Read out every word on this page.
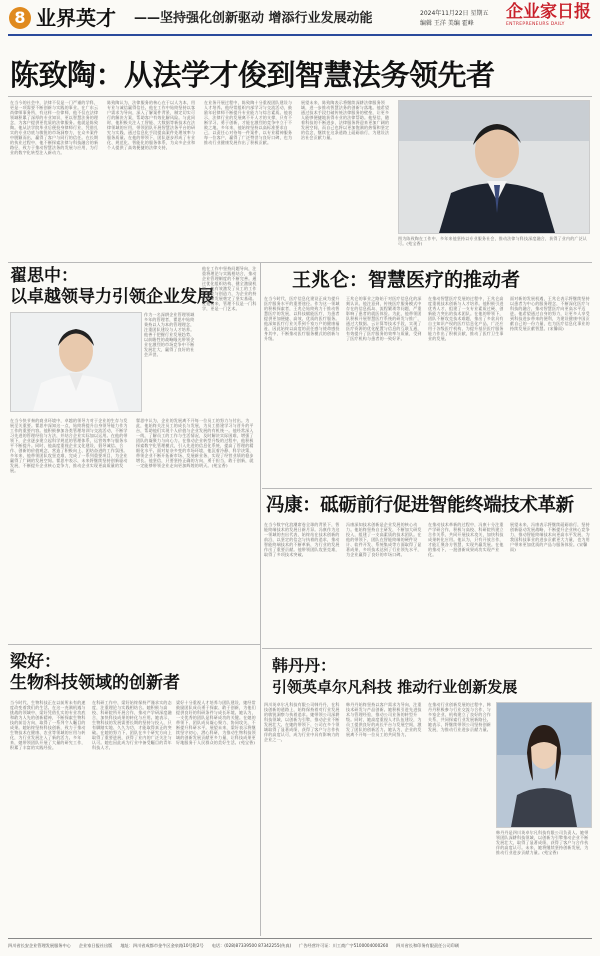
8 业界英才 ——坚持强化创新驱动 增添行业发展动能	2024年11月22日 星期五
编辑 王洋 美编 霍峰
企业家日报
ENTREPRENEURS DAILY
陈致陶：从法学才俊到智慧法务领先者
在当今的社会中，法律不仅是一门严谨的学科，更是一项需要不断创新与实践的事业。在广东云尚律师事务所，有这样一位律师，他不仅在法律领域积累了深厚的专业知识，更以智慧法务的理念，为客户提供更优质的法律服务。他就是陈致陶。他从法学院毕业后便投身律师行业，凭借扎实的专业功底与敏锐的市场洞察力，在众多案件中脱颖而出，赢得了客户与同行的信任。在长期的执业过程中，他不断探索法律与科技融合的新路径，致力于推动智慧法务的发展与应用，为行业的数字化转型注入新动力。
陈致陶认为，法律服务的核心在于以人为本，用专业与诚信赢得信任。他在工作中始终坚持以客户需求为导向，深入了解案件背景，制定切实可行的解决方案，帮助客户有效化解风险。与此同时，他积极关注人工智能、大数据等新技术在法律领域的应用，带领团队开展智慧法务平台的研究与实践，通过信息化手段提高案件处理效率与服务质量。在他的带领下，团队逐步形成了专业化、规范化、智能化的服务体系，为众多企业和个人提供了高效便捷的法律支持。
在业务开展过程中，陈致陶十分重视团队建设与人才培养。他经常组织内部学习与交流活动，鼓励年轻律师不断提升专业能力与综合素质。他表示，法律行业的发展离不开人才的支撑，只有不断学习、勇于创新，才能在激烈的竞争中立于不败之地。多年来，他始终坚持以高标准要求自己，以责任心对待每一件案件，以专业精神服务每一位客户，赢得了广泛赞誉与良好口碑，也为推动行业健康发展作出了积极贡献。
展望未来，陈致陶表示将继续深耕法律服务领域，进一步推动智慧法务的创新与落地。他希望通过技术手段打破传统法律服务的壁垒，让更多人能够便捷地获得专业的法律帮助。他坚信，随着科技的不断进步，法律服务将迎来更加广阔的发展空间，而自己也将以更加饱满的热情和坚定的信念，继续在这条道路上砥砺前行，为建设法治社会贡献力量。
图为陈致陶在工作中，多年来他坚持以专业服务社会，推动法律与科技深度融合，获得了业内的广泛认可。(苑宝香)
翟思中：
以卓越领导力引领企业发展
作为一名深耕企业管理领域多年的管理者，翟思中始终秉持以人为本的管理理念，注重团队建设与人才培养。他善于把握行业发展趋势，以前瞻性的战略眼光带领企业在激烈的市场竞争中不断发展壮大，赢得了良好的社会声誉。
他在工作中坚持问题导向，注重将理论与实践相结合，推动企业管理制度的不断完善。通过优化组织结构、健全激励机制，他有效激发了员工的工作积极性与创造力，为企业的持续健康发展奠定了坚实基础。在他看来，管理不仅是一门科学，更是一门艺术。
在当今快节奏的商业环境中，卓越的领导力对于企业的生存与发展至关重要。翟思中深知这一点，始终将提升自身领导能力作为工作的重要内容。他积极参加各类管理培训与交流活动，不断学习先进的管理经验与方法，并结合企业实际加以运用。在他的带领下，企业逐步建立起科学规范的管理体系，运营效率与服务水平不断提升。同时，他高度重视企业文化建设，倡导诚信、合作、创新的价值观念，营造了积极向上、团结奋进的工作氛围。多年来，他带领团队攻坚克难，完成了一系列重要项目，为企业赢得了广阔的发展空间。翟思中表示，未来将继续坚持创新驱动发展，不断提升企业核心竞争力，推动企业实现更高质量的发展。
翟思中认为，企业的发展离不开每一位员工的努力与付出。为此，他始终关注员工的成长与发展，为员工搭建学习与晋升的平台，帮助他们实现个人价值与企业发展的有机统一。他经常深入一线，了解员工的工作与生活情况，及时解决实际困难，增强了团队的凝聚力与向心力。在推动企业转型升级的过程中，他积极探索数字化管理模式，引入先进的信息化系统，提高了管理的精细化水平。面对复杂多变的市场环境，他沉着冷静、科学决策，带领企业不断开拓新市场、发展新业务，实现了经营业绩的稳步增长。他坚信，只要坚持正确的方向，勇于担当，敢于创新，就一定能够带领企业走向更加辉煌的明天。(苑宝香)
梁好：
生物科技领域的创新者
当今时代，生物科技正在以前所未有的速度改变着我们的生活。在这一充满机遇与挑战的领域中，梁好凭借扎实的专业功底和敢为人先的创新精神，不断探索生物科技的前沿方向，取得了一系列令人瞩目的成果。她始终坚持科技创新，致力于推动生物技术在健康、农业等领域的应用与转化，为行业发展注入了新的活力。多年来，她带领团队开展了大量的研究工作，积累了丰富的实践经验。
在科研工作中，梁好始终保持严谨求实的态度，注重理论与实践相结合。她积极与高校、科研院所开展合作，推动产学研深度融合，加快科技成果的转化与应用。她表示，生物科技的发展需要长期的坚持与投入，只有脚踏实地、久久为功，才能取得真正的突破。在她的努力下，团队在多个研究方向上取得了重要进展，获得了业内的广泛关注与认可。她也因此成为行业中备受瞩目的青年科技人才。
梁好十分重视人才培养与团队建设，她经常鼓励团队成员勇于探索、敢于创新，为他们提供良好的科研条件与成长环境。她认为，一支优秀的团队是科研成功的关键。在她的带领下，团队成员凝心聚力、协同攻关，不断提升科研水平。展望未来，梁好表示将继续坚守初心，潜心科研，为推动生物科技领域的创新发展贡献更多力量，让科技成果更好地服务于人民群众的美好生活。(苑宝香)
王兆仑：智慧医疗的推动者
在当今时代，医疗信息化建设正成为提升医疗服务水平的重要途径。作为这一领域的积极探索者，王兆仑始终致力于推动智慧医疗的发展，以科技赋能医疗，为患者提供更加便捷、高效、优质的医疗服务。他深知医疗行业关系到千家万户的健康福祉，因此始终以高度的责任感与使命感投身其中，不断推动医疗服务模式的创新与升级。
王兆仑的事业之路始于对医疗信息化的深刻认识。他注意到，传统医疗服务模式中存在的信息孤岛、流程繁琐等问题，严重影响了患者的就医体验。为此，他带领团队积极开展智慧医疗系统的研发与推广，通过大数据、云计算等技术手段，实现了医疗资源的优化配置与信息的互联互通，有效提升了医疗服务的效率与质量，受到了医疗机构与患者的一致好评。
在推动智慧医疗发展的过程中，王兆仑高度重视技术创新与人才培养。他积极引进优秀人才，组建了一支专业素质过硬、创新能力突出的技术团队。在他的带领下，团队不断攻克技术难题，推出了多款具有自主知识产权的医疗信息化产品，广泛应用于各级医疗机构，为提升基层医疗服务能力作出了积极贡献，推动了医疗卫生事业的发展。
面对新的发展机遇，王兆仑表示将继续坚持以患者为中心的服务理念，不断深化医疗与科技的融合，推动智慧医疗向更高水平迈进。他希望通过自身的努力，让更多人享受到科技进步带来的便利，为建设健康中国贡献自己的一份力量，也为医疗信息化事业的持续发展贡献智慧。(宋馨雨)
冯康：砥砺前行促进智能终端技术革新
在当今数字化浪潮席卷全球的背景下，智能终端技术的发展日新月异。冯康作为这一领域的杰出代表，始终站在技术创新的前沿，以坚定的信念与执着的追求，推动智能终端技术的不断革新，为行业的发展作出了重要贡献。他带领团队攻坚克难，取得了多项技术突破。
冯康深知技术创新是企业发展的核心动力。他始终坚持自主研发，不断加大研发投入，组建了一支高素质的技术团队。在他的带领下，团队在智能终端的硬件设计、软件开发、系统集成等方面取得了显著成果，多项技术达到了行业领先水平，为企业赢得了良好的市场口碑。
在推动技术革新的过程中，冯康十分注重产学研合作，积极与高校、科研院所建立合作关系，共同开展技术攻关，加快科技成果转化应用。他认为，只有开放合作，才能汇聚各方智慧，实现共赢发展。在他的推动下，一批创新成果成功实现产业化。
展望未来，冯康表示将继续砥砺前行，坚持创新驱动发展战略，不断提升企业核心竞争力，推动智能终端技术向更高水平发展，为我国科技事业的进步贡献更大力量，也为用户带来更加优质的产品与服务体验。(宋馨雨)
韩丹丹：
引领英卓尔凡科技 推动行业创新发展
四川英卓尔凡科技有限公司韩丹丹，在科技创新的道路上，始终保持着对行业发展的敏锐洞察与执着追求。她带领公司深耕科技领域，以创新为引擎，推动企业不断发展壮大。在她的带领下，公司在多个领域取得了显著成绩，获得了客户与合作伙伴的高度认可，成为行业中具有影响力的企业之一。
韩丹丹始终坚持以客户需求为导向，注重技术研发与产品创新。她积极引进先进技术与管理经验，推动公司业务的转型升级。同时，她高度重视人才队伍建设，为员工提供良好的成长平台与发展空间，激发了团队的创新活力。她认为，企业的发展离不开每一位员工的共同努力。
在推动行业创新发展的过程中，韩丹丹积极参与行业交流与合作，与多家企业、机构建立了良好的合作关系，共同探索行业发展新路径。她表示，将继续带领公司坚持创新发展，为推动行业进步贡献力量。
韩丹丹是四川英卓尔凡科技有限公司负责人。她带领团队深耕科技领域，以创新为引擎推动企业不断发展壮大，取得了显著成绩，获得了客户与合作伙伴的高度认可。未来，她将继续坚持创新发展，为推动行业进步贡献力量。(苑宝香)
四川省长安企业管理发展服务中心 企业家日报社出版 地址：四川省成都市金牛区金泉路10号附2号 电话：(028)87339500 87342255(传真) 广告经营许可证：川工商广字5100004000260 四川省长和印务有限责任公司印刷
